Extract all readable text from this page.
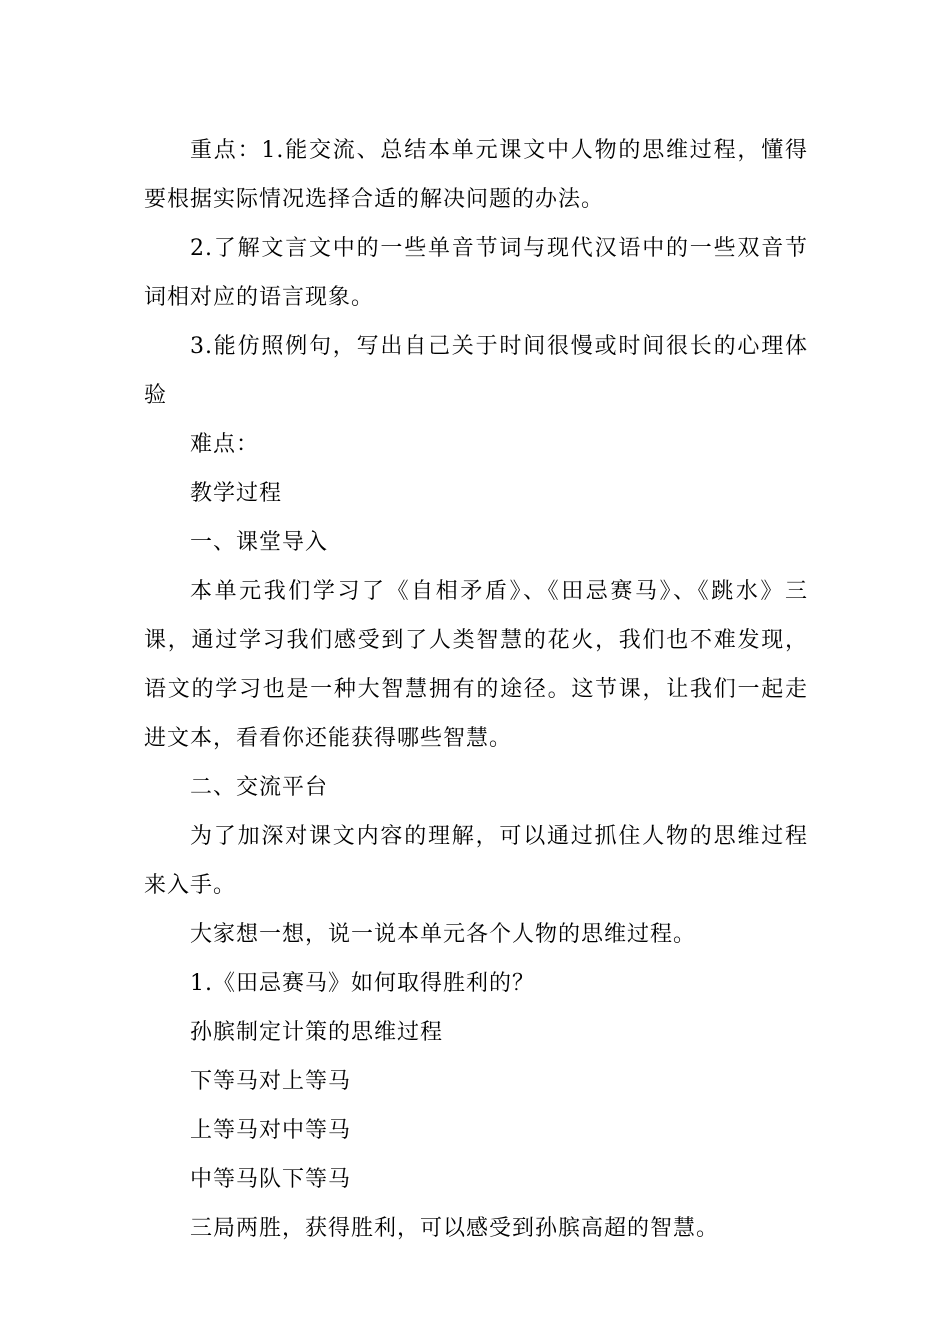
重点：1.能交流、总结本单元课文中人物的思维过程，懂得要根据实际情况选择合适的解决问题的办法。

2.了解文言文中的一些单音节词与现代汉语中的一些双音节词相对应的语言现象。

3.能仿照例句，写出自己关于时间很慢或时间很长的心理体验

难点：

教学过程

一、课堂导入

本单元我们学习了《自相矛盾》、《田忌赛马》、《跳水》三课，通过学习我们感受到了人类智慧的花火，我们也不难发现，语文的学习也是一种大智慧拥有的途径。这节课，让我们一起走进文本，看看你还能获得哪些智慧。

二、交流平台

为了加深对课文内容的理解，可以通过抓住人物的思维过程来入手。

大家想一想，说一说本单元各个人物的思维过程。

1.《田忌赛马》如何取得胜利的？

孙膑制定计策的思维过程

下等马对上等马

上等马对中等马

中等马队下等马

三局两胜，获得胜利，可以感受到孙膑高超的智慧。
